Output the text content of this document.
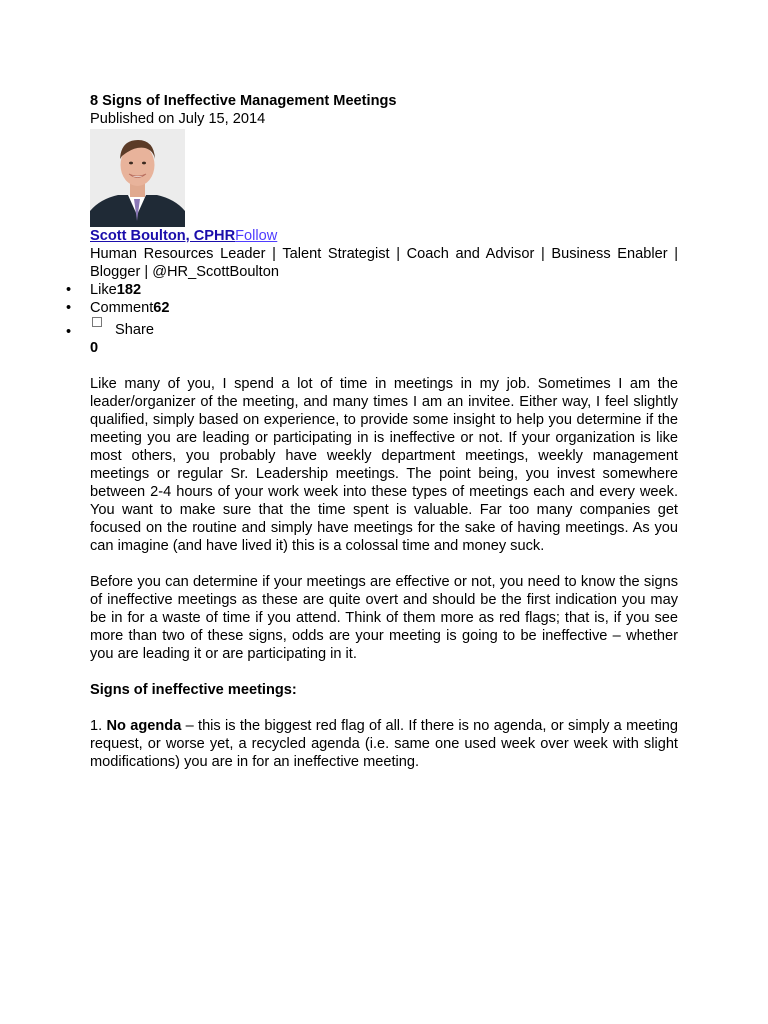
8 Signs of Ineffective Management Meetings
Published on July 15, 2014
Scott Boulton, CPHRFollow
Human Resources Leader | Talent Strategist | Coach and Advisor | Business Enabler | Blogger | @HR_ScottBoulton
• Like182
• Comment62
•	Share
0

Like many of you, I spend a lot of time in meetings in my job. Sometimes I am the leader/organizer of the meeting, and many times I am an invitee. Either way, I feel slightly qualified, simply based on experience, to provide some insight to help you determine if the meeting you are leading or participating in is ineffective or not. If your organization is like most others, you probably have weekly department meetings, weekly management meetings or regular Sr. Leadership meetings. The point being, you invest somewhere between 2-4 hours of your work week into these types of meetings each and every week. You want to make sure that the time spent is valuable. Far too many companies get focused on the routine and simply have meetings for the sake of having meetings. As you can imagine (and have lived it) this is a colossal time and money suck.

Before you can determine if your meetings are effective or not, you need to know the signs of ineffective meetings as these are quite overt and should be the first indication you may be in for a waste of time if you attend. Think of them more as red flags; that is, if you see more than two of these signs, odds are your meeting is going to be ineffective – whether you are leading it or are participating in it.

Signs of ineffective meetings:

1. No agenda – this is the biggest red flag of all. If there is no agenda, or simply a meeting request, or worse yet, a recycled agenda (i.e. same one used week over week with slight modifications) you are in for an ineffective meeting.
